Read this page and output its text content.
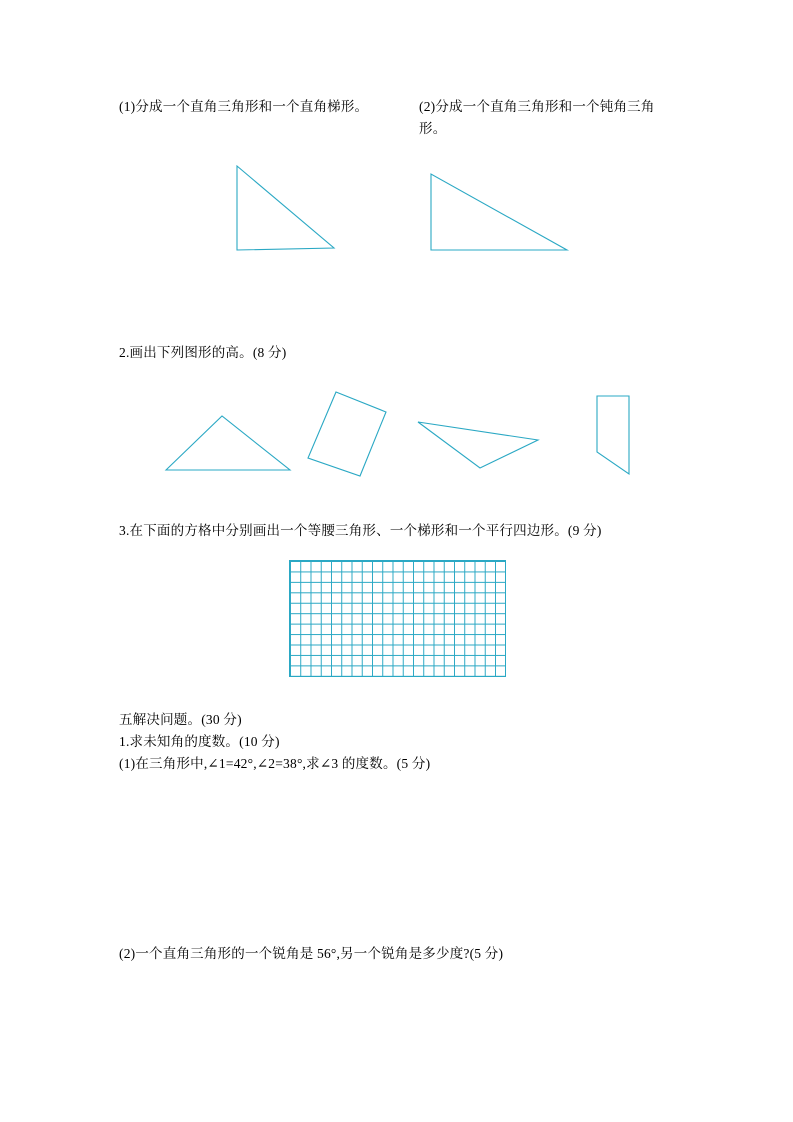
(1)分成一个直角三角形和一个直角梯形。	(2)分成一个直角三角形和一个钝角三角形。
2.画出下列图形的高。(8 分)
3.在下面的方格中分别画出一个等腰三角形、一个梯形和一个平行四边形。(9 分)
五解决问题。(30 分)
1.求未知角的度数。(10 分)
(1)在三角形中,∠1=42°,∠2=38°,求∠3 的度数。(5 分)
(2)一个直角三角形的一个锐角是 56°,另一个锐角是多少度?(5 分)
